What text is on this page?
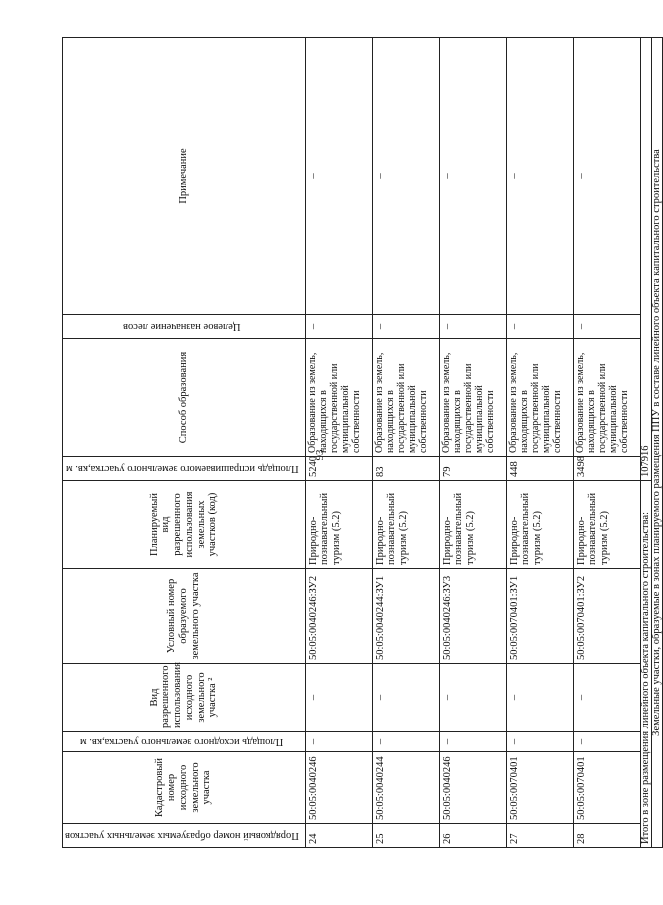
93
Порядковый номер образуемых земельных участков	Кадастровый номер исходного земельного участка	Площадь исходного земельного участка,кв. м	Вид разрешенного использования исходного земельного участка ²	Условный номер образуемого земельного участка	Планируемый вид разрешенного использования земельных участков (код)	Площадь испрашиваемого земельного участка,кв. м	Способ образования	Целевое назначение лесов	Примечание
24	50:05:0040246	–	–	50:05:0040246:ЗУ2	Природно-познавательный туризм (5.2)	5240	Образование из земель, находящихся в государственной или муниципальной собственности	–	–
25	50:05:0040244	–	–	50:05:0040244:ЗУ1	Природно-познавательный туризм (5.2)	83	Образование из земель, находящихся в государственной или муниципальной собственности	–	–
26	50:05:0040246	–	–	50:05:0040246:ЗУ3	Природно-познавательный туризм (5.2)	79	Образование из земель, находящихся в государственной или муниципальной собственности	–	–
27	50:05:0070401	–	–	50:05:0070401:ЗУ1	Природно-познавательный туризм (5.2)	448	Образование из земель, находящихся в государственной или муниципальной собственности	–	–
28	50:05:0070401	–	–	50:05:0070401:ЗУ2	Природно-познавательный туризм (5.2)	3498	Образование из земель, находящихся в государственной или муниципальной собственности	–	–
Итого в зоне размещения линейного объекта капитального строительства:						107916			
Земельные участки, образуемые в зонах планируемого размещения ППУ в составе линейного объекта капитального строительства									
